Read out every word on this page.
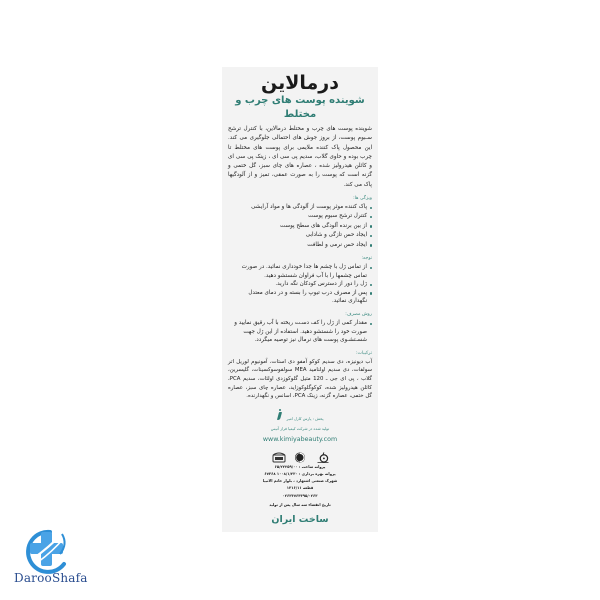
درمالاین
شوینده پوست های چرب و مختلط
شوینده پوست های چرب و مختلط درمالاین، با کنترل ترشح سـبوم پوست، از بروز جوش های احتمالی جلوگیری می کند. این محصول پاک کننده ملایمی برای پوست های مختلط تا چرب بوده و حاوی گلاب، سدیم پی سی ای ، زینک پی سی ای و کائلن هیدرولیز شده ، عصاره های چای سبز، گل ختمی و گزنه است که پوست را به صورت عمقی، تمیز و از آلودگیها پاک می کند.
ویژگی ها:
پاک کننده موثر پوست از آلودگی ها و مواد آرایشی
کنترل ترشح سبوم پوست
از بین برنده آلودگی های سطح پوست
ایجاد حس تازگی و شادابی
ایجاد حس نرمی و لطافت
توجه:
از تماس ژل با چشم ها جدا خودداری نمائید. در صورت تماس چشمها را با آب فراوان شستشو دهید.
ژل را دور از دسترس کودکان نگه دارید.
پس از مصرف درب تیوپ را بسته و در دمای معتدل نگهداری نمائید.
روش مصرف:
مقدار کمی از ژل را کف دسـت ریخته با آب رقیق نمایید و صورت خود را شستشو دهید. استفاده از این ژل جهت شسـتشـوی پوست های نرمال نیز توصیه میگردد.
ترکیبات:
آب دیونیزه، دی سدیم کوکو آمفو دی استات، آمونیوم لوریل اتر سولفات، دی سدیم اولنامید MEA سولفوسوکسینات، گلیسرین، گلاب ، پی ای جی ـ 120 متیل گلوکوزدی اولئات، سدیم PCA، کائلن هیدرولیز شده، کوکوگلوکوزاید، عصاره چای سبز، عصاره گل ختمی، عصاره گزنه، زینک PCA، اسانس و نگهدارنده.
پخش : پارس کارل امیر
تولید شده در شرکت کیمیا فراز آتیس
www.kimiyabeauty.com
پروانه ساخت : ۶۵/۲۲۲۵۹/۰۰
پروانه بهره برداری : ۱۰۰۸/۱/۲۳۰ ۶۷۳۶۸
شهرک صنعتی اشتهارد ، بلوار خاتم الانبیا
قطعه ۱۳۱۶/۱۱
۰۲۶۳۳۷۶۴۳۹۵/۰۲۶۳
تاریخ انقضاء سه سال پس از تولید
ساخت ایران
DarooShafa
